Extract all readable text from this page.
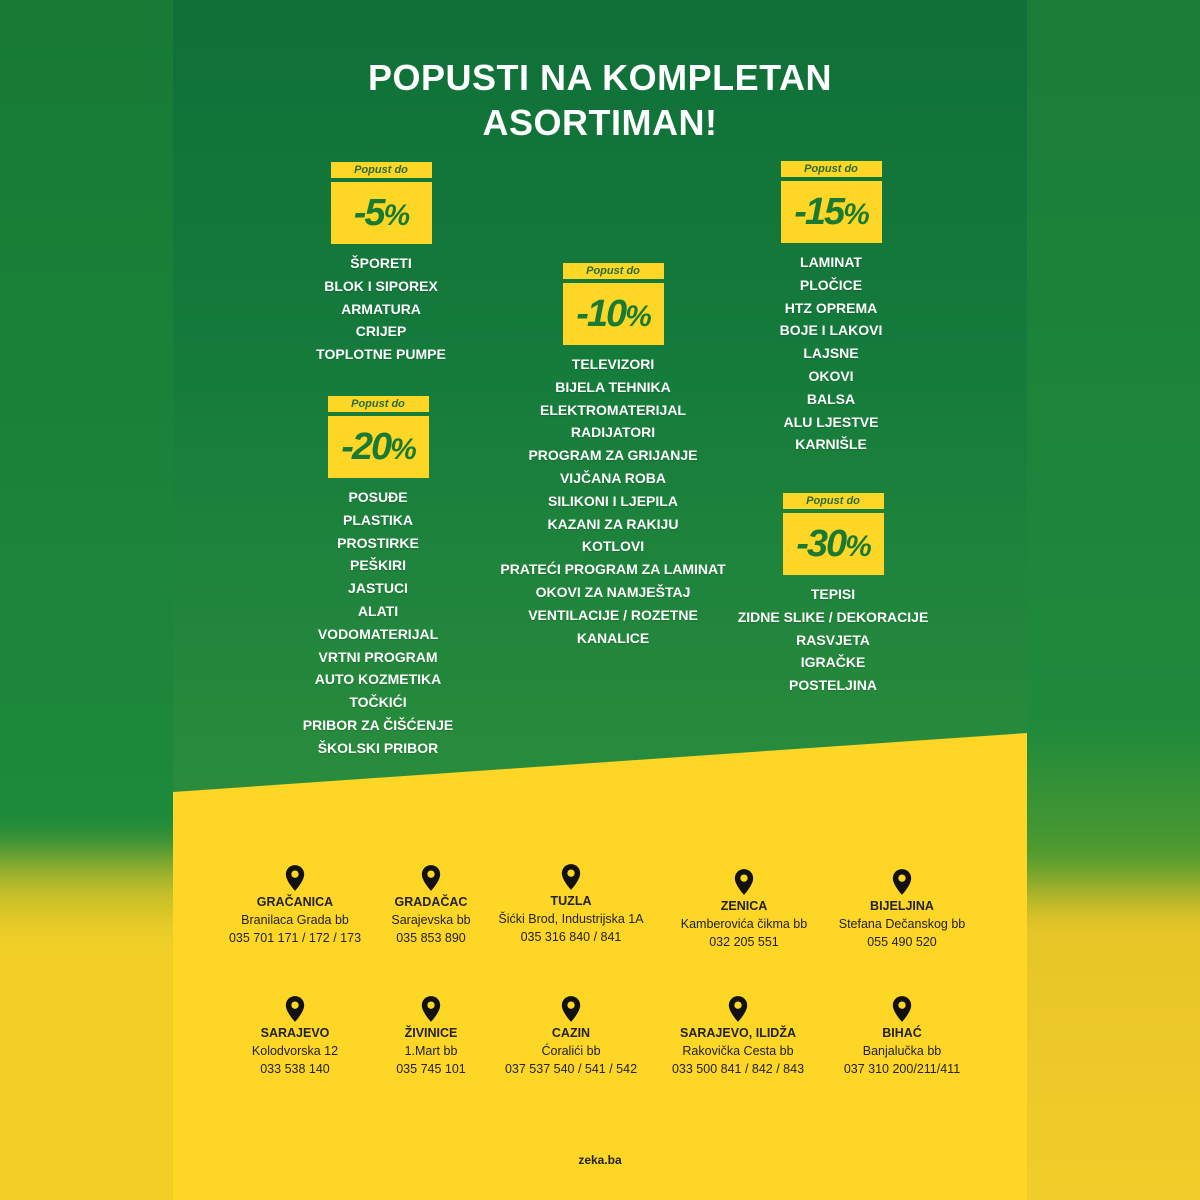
POPUSTI NA KOMPLETAN
ASORTIMAN!
Popust do
-5%
ŠPORETI
BLOK I SIPOREX
ARMATURA
CRIJEP
TOPLOTNE PUMPE
Popust do
-20%
POSUĐE
PLASTIKA
PROSTIRKE
PEŠKIRI
JASTUCI
ALATI
VODOMATERIJAL
VRTNI PROGRAM
AUTO KOZMETIKA
TOČKIĆI
PRIBOR ZA ČIŠĆENJE
ŠKOLSKI PRIBOR
Popust do
-10%
TELEVIZORI
BIJELA TEHNIKA
ELEKTROMATERIJAL
RADIJATORI
PROGRAM ZA GRIJANJE
VIJČANA ROBA
SILIKONI I LJEPILA
KAZANI ZA RAKIJU
KOTLOVI
PRATEĆI PROGRAM ZA LAMINAT
OKOVI ZA NAMJEŠTAJ
VENTILACIJE / ROZETNE
KANALICE
Popust do
-15%
LAMINAT
PLOČICE
HTZ OPREMA
BOJE I LAKOVI
LAJSNE
OKOVI
BALSA
ALU LJESTVE
KARNIŠLE
Popust do
-30%
TEPISI
ZIDNE SLIKE / DEKORACIJE
RASVJETA
IGRAČKE
POSTELJINA
GRAČANICA
Branilaca Grada bb
035 701 171 / 172 / 173
GRADAČAC
Sarajevska bb
035 853 890
TUZLA
Šićki Brod, Industrijska 1A
035 316 840 / 841
ZENICA
Kamberovića čikma bb
032 205 551
BIJELJINA
Stefana Dečanskog bb
055 490 520
SARAJEVO
Kolodvorska 12
033 538 140
ŽIVINICE
1.Mart bb
035 745 101
CAZIN
Ćoralići bb
037 537 540 / 541 / 542
SARAJEVO, ILIDŽA
Rakovička Cesta bb
033 500 841 / 842 / 843
BIHAĆ
Banjalučka bb
037 310 200/211/411
zeka.ba
